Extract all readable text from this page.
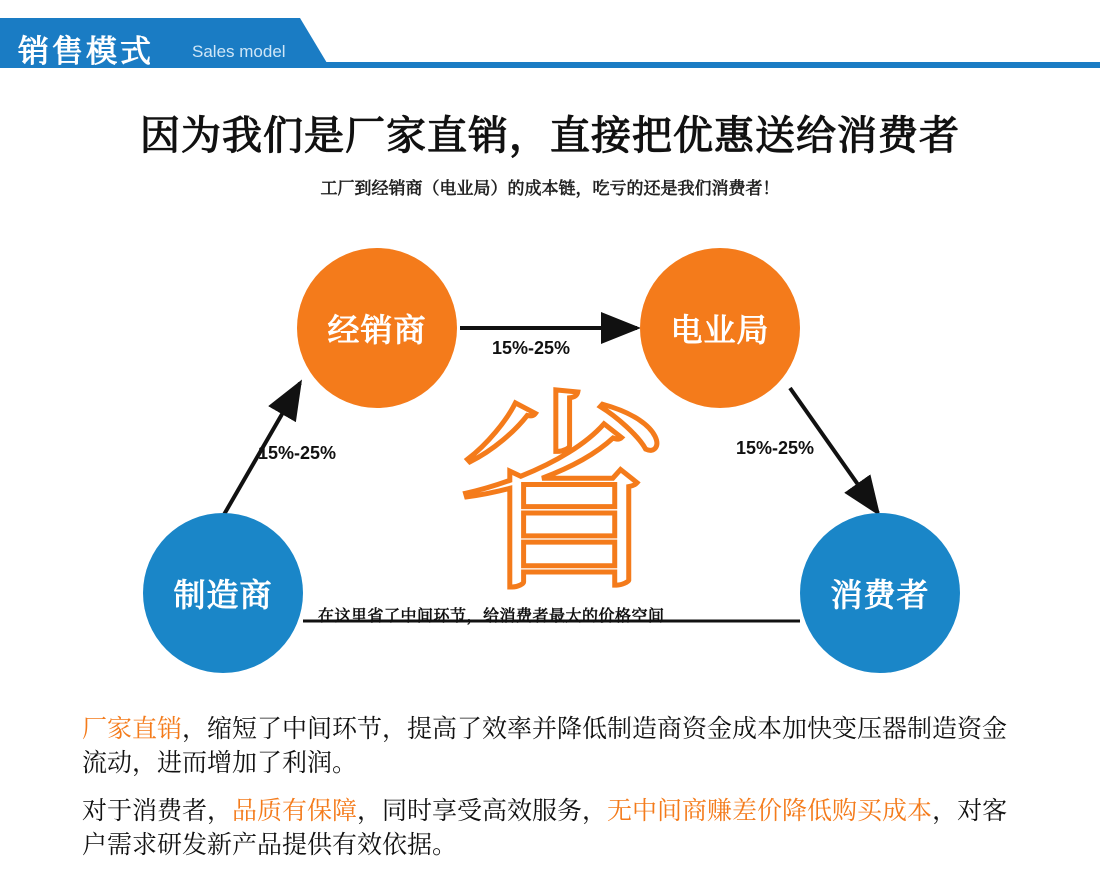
销售模式 Sales model
因为我们是厂家直销，直接把优惠送给消费者
工厂到经销商（电业局）的成本链，吃亏的还是我们消费者！
经销商	电业局
制造商	消费者
省
15%-25%
15%-25%
15%-25%
在这里省了中间环节，给消费者最大的价格空间

厂家直销，缩短了中间环节，提高了效率并降低制造商资金成本加快变压器制造资金流动，进而增加了利润。

对于消费者，品质有保障，同时享受高效服务，无中间商赚差价降低购买成本，对客户需求研发新产品提供有效依据。
